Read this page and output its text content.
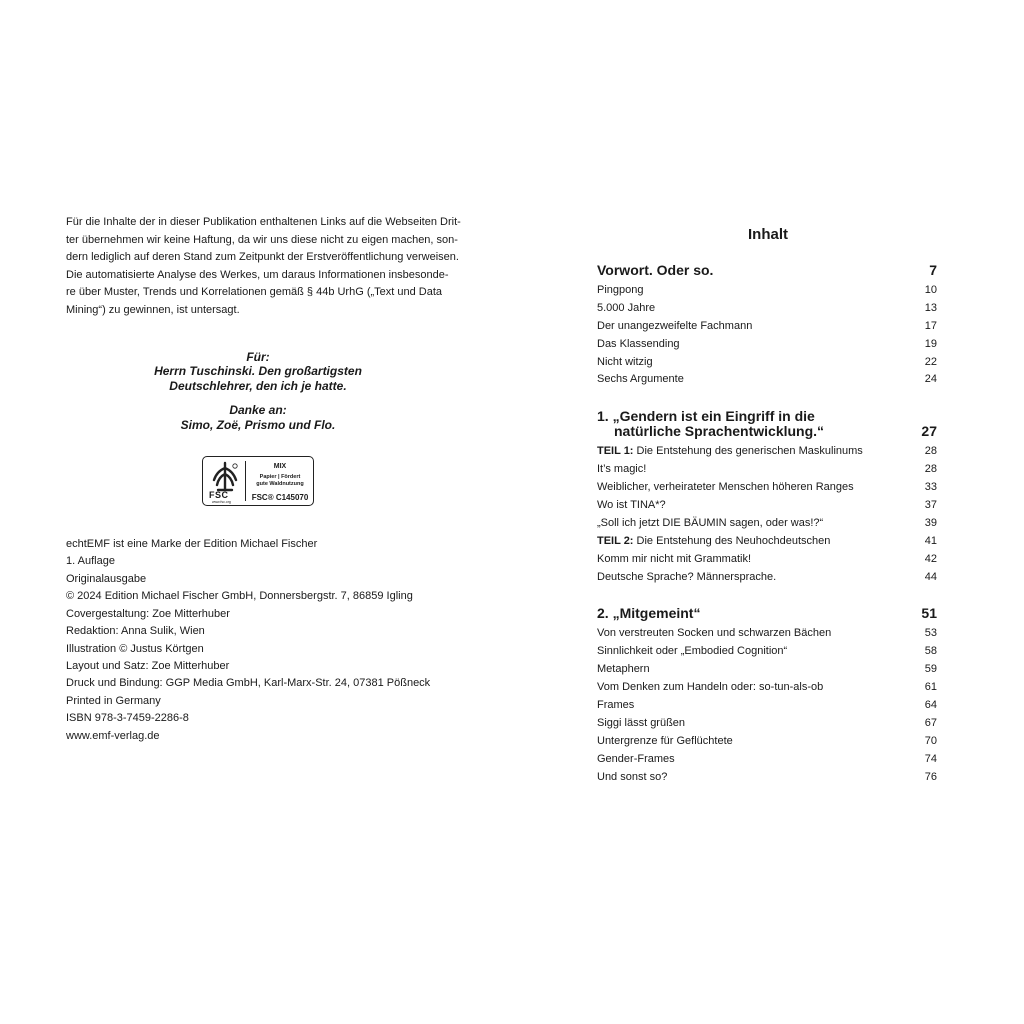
Für die Inhalte der in dieser Publikation enthaltenen Links auf die Webseiten Drit-
ter übernehmen wir keine Haftung, da wir uns diese nicht zu eigen machen, son-
dern lediglich auf deren Stand zum Zeitpunkt der Erstveröffentlichung verweisen.
Die automatisierte Analyse des Werkes, um daraus Informationen insbesonde-
re über Muster, Trends und Korrelationen gemäß § 44b UrhG („Text und Data
Mining“) zu gewinnen, ist untersagt.

Für:
Herrn Tuschinski. Den großartigsten
Deutschlehrer, den ich je hatte.
Danke an:
Simo, Zoë, Prismo und Flo.
FSC
www.fsc.org
MIX
Papier | Fördert
gute Waldnutzung
FSC® C145070
echtEMF ist eine Marke der Edition Michael Fischer
1. Auflage
Originalausgabe
© 2024 Edition Michael Fischer GmbH, Donnersbergstr. 7, 86859 Igling
Covergestaltung: Zoe Mitterhuber
Redaktion: Anna Sulik, Wien
Illustration © Justus Körtgen
Layout und Satz: Zoe Mitterhuber
Druck und Bindung: GGP Media GmbH, Karl-Marx-Str. 24, 07381 Pößneck
Printed in Germany
ISBN 978-3-7459-2286-8
www.emf-verlag.de
Inhalt
Vorwort. Oder so.	7
Pingpong	10
5.000 Jahre	13
Der unangezweifelte Fachmann	17
Das Klassending	19
Nicht witzig	22
Sechs Argumente	24
1. „Gendern ist ein Eingriff in die
natürliche Sprachentwicklung.“	27
TEIL 1: Die Entstehung des generischen Maskulinums	28
It’s magic!	28
Weiblicher, verheirateter Menschen höheren Ranges	33
Wo ist TINA*?	37
„Soll ich jetzt DIE BÄUMIN sagen, oder was!?“	39
TEIL 2: Die Entstehung des Neuhochdeutschen	41
Komm mir nicht mit Grammatik!	42
Deutsche Sprache? Männersprache.	44
2. „Mitgemeint“	51
Von verstreuten Socken und schwarzen Bächen	53
Sinnlichkeit oder „Embodied Cognition“	58
Metaphern	59
Vom Denken zum Handeln oder: so-tun-als-ob	61
Frames	64
Siggi lässt grüßen	67
Untergrenze für Geflüchtete	70
Gender-Frames	74
Und sonst so?	76
